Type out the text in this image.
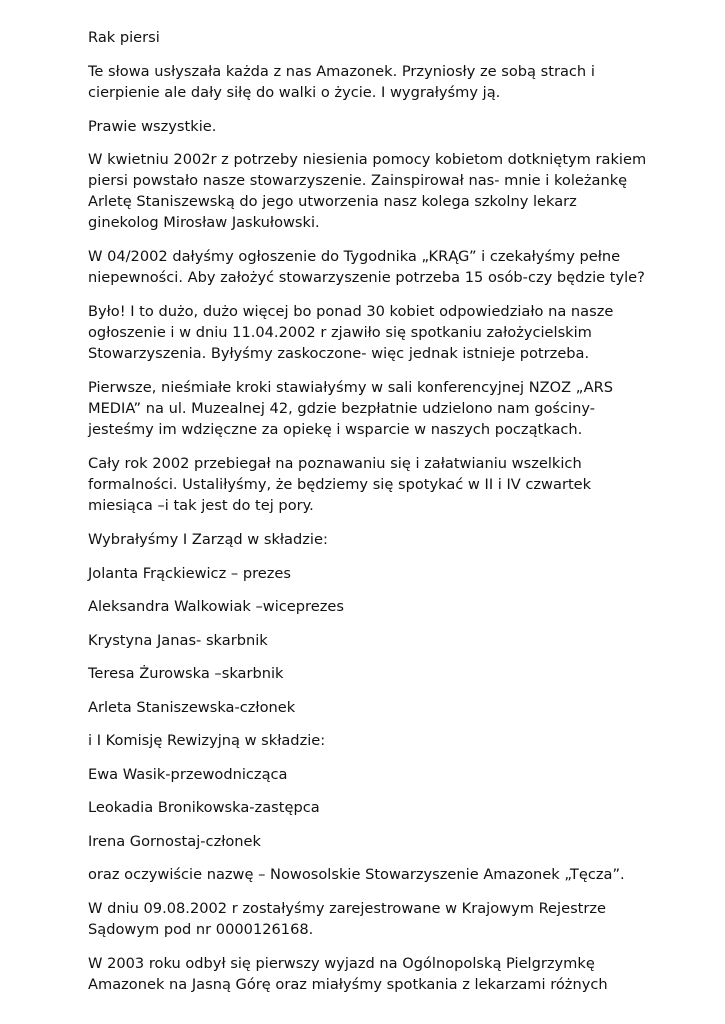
Rak piersi

Te słowa usłyszała każda z nas Amazonek. Przyniosły ze sobą strach i cierpienie ale dały siłę do walki o życie. I wygrałyśmy ją.

Prawie wszystkie.

W kwietniu 2002r z potrzeby niesienia pomocy kobietom dotkniętym rakiem piersi powstało nasze stowarzyszenie. Zainspirował nas- mnie i koleżankę Arletę Staniszewską do jego utworzenia nasz kolega szkolny lekarz ginekolog Mirosław Jaskułowski.

W 04/2002 dałyśmy ogłoszenie do Tygodnika „KRĄG” i czekałyśmy pełne niepewności. Aby założyć stowarzyszenie potrzeba 15 osób-czy będzie tyle?

Było! I to dużo, dużo więcej bo ponad 30 kobiet odpowiedziało na nasze ogłoszenie i w dniu 11.04.2002 r zjawiło się spotkaniu założycielskim Stowarzyszenia. Byłyśmy zaskoczone- więc jednak istnieje potrzeba.

Pierwsze, nieśmiałe kroki stawiałyśmy w sali konferencyjnej NZOZ „ARS MEDIA” na ul. Muzealnej 42, gdzie bezpłatnie udzielono nam gościny- jesteśmy im wdzięczne za opiekę i wsparcie w naszych początkach.

Cały rok 2002 przebiegał na poznawaniu się i załatwianiu wszelkich formalności. Ustaliłyśmy, że będziemy się spotykać w II i IV czwartek miesiąca –i tak jest do tej pory.

Wybrałyśmy I Zarząd w składzie:

Jolanta Frąckiewicz – prezes

Aleksandra Walkowiak –wiceprezes

Krystyna Janas- skarbnik

Teresa Żurowska –skarbnik

Arleta Staniszewska-członek

i I Komisję Rewizyjną w składzie:

Ewa Wasik-przewodnicząca

Leokadia Bronikowska-zastępca

Irena Gornostaj-członek

oraz oczywiście nazwę – Nowosolskie Stowarzyszenie Amazonek „Tęcza”.

W dniu 09.08.2002 r zostałyśmy zarejestrowane w Krajowym Rejestrze Sądowym pod nr 0000126168.

W 2003 roku odbył się pierwszy wyjazd na Ogólnopolską Pielgrzymkę Amazonek na Jasną Górę oraz miałyśmy spotkania z lekarzami różnych
